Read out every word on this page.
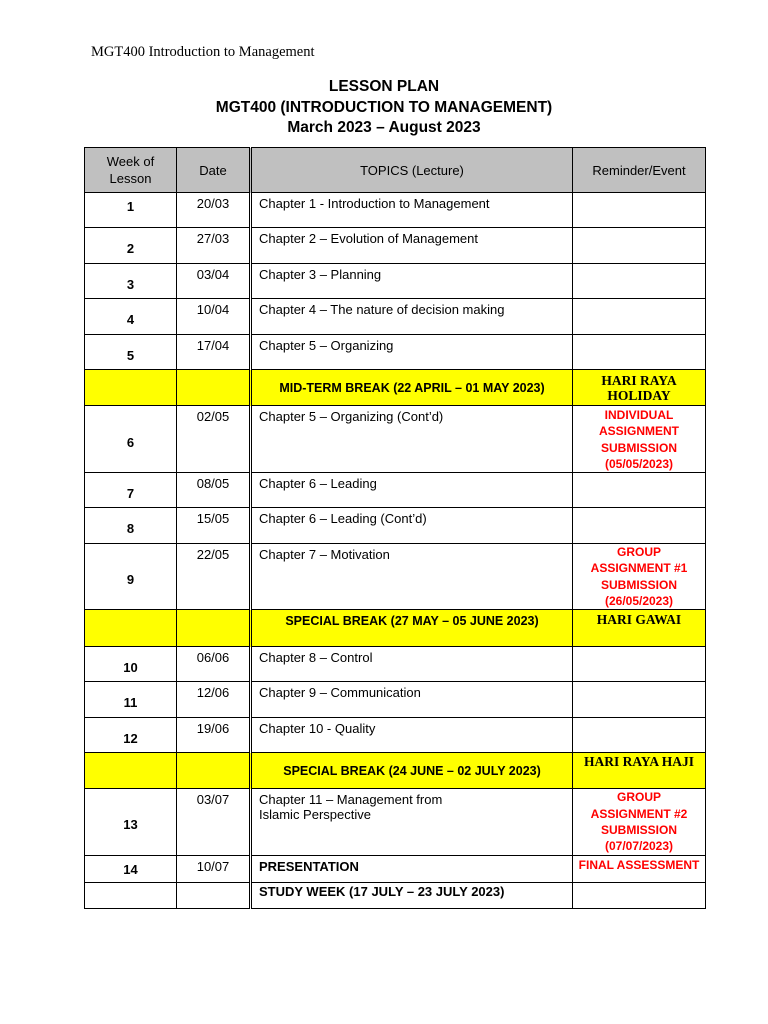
MGT400 Introduction to Management
LESSON PLAN
MGT400 (INTRODUCTION TO MANAGEMENT)
March 2023 – August 2023
Week of
Lesson	Date	TOPICS (Lecture)	Reminder/Event

1	20/03	Chapter 1 - Introduction to Management	

2	27/03	Chapter 2 – Evolution of Management	

3	03/04	Chapter 3 – Planning	

4	10/04	Chapter 4 – The nature of decision making	

5	17/04	Chapter 5 – Organizing	
		MID-TERM BREAK (22 APRIL – 01 MAY 2023)	HARI RAYA HOLIDAY

6	02/05	Chapter 5 – Organizing (Cont’d)	INDIVIDUAL ASSIGNMENT SUBMISSION (05/05/2023)

7	08/05	Chapter 6 – Leading	

8	15/05	Chapter 6 – Leading (Cont’d)	

9	22/05	Chapter 7 – Motivation	GROUP ASSIGNMENT #1 SUBMISSION (26/05/2023)
		SPECIAL BREAK (27 MAY – 05 JUNE 2023)	HARI GAWAI

10	06/06	Chapter 8 – Control	

11	12/06	Chapter 9 – Communication	

12	19/06	Chapter 10 - Quality	
		SPECIAL BREAK (24 JUNE – 02 JULY 2023)	HARI RAYA HAJI

13	03/07	Chapter 11 – Management from Islamic Perspective	GROUP ASSIGNMENT #2 SUBMISSION (07/07/2023)

14	10/07	PRESENTATION	FINAL ASSESSMENT

		STUDY WEEK (17 JULY – 23 JULY 2023)	
